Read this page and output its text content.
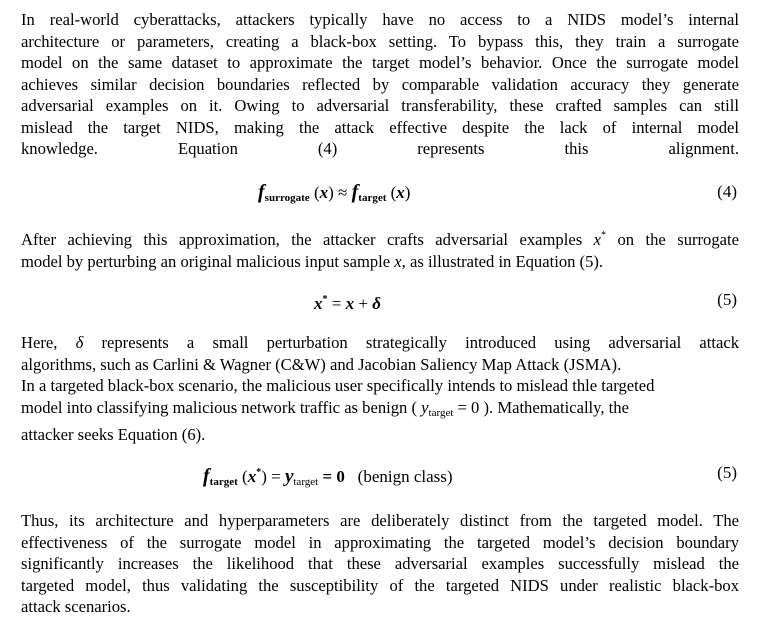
In real-world cyberattacks, attackers typically have no access to a NIDS model’s internal
architecture or parameters, creating a black-box setting. To bypass this, they train a surrogate
model on the same dataset to approximate the target model’s behavior. Once the surrogate model
achieves similar decision boundaries reflected by comparable validation accuracy they generate
adversarial examples on it. Owing to adversarial transferability, these crafted samples can still
mislead the target NIDS, making the attack effective despite the lack of internal model
knowledge. Equation (4) represents this alignment.
$f_{surrogate}$ $(x) \approx f_{target}$ (x)	(4)
After achieving this approximation, the attacker crafts adversarial examples x* on the surrogate
model by perturbing an original malicious input sample x, as illustrated in Equation (5).
x* = x + δ	(5)
Here, δ represents a small perturbation strategically introduced using adversarial attack
algorithms, such as Carlini & Wagner (C&W) and Jacobian Saliency Map Attack (JSMA).
In a targeted black-box scenario, the malicious user specifically intends to mislead thle targeted
model into classifying malicious network traffic as benign ( ytarget = 0 ). Mathematically, the
attacker seeks Equation (6).
$f_{target}$ (x*) = ytarget = 0 (benign class)	(5)
Thus, its architecture and hyperparameters are deliberately distinct from the targeted model. The
effectiveness of the surrogate model in approximating the targeted model’s decision boundary
significantly increases the likelihood that these adversarial examples successfully mislead the
targeted model, thus validating the susceptibility of the targeted NIDS under realistic black-box
attack scenarios.
